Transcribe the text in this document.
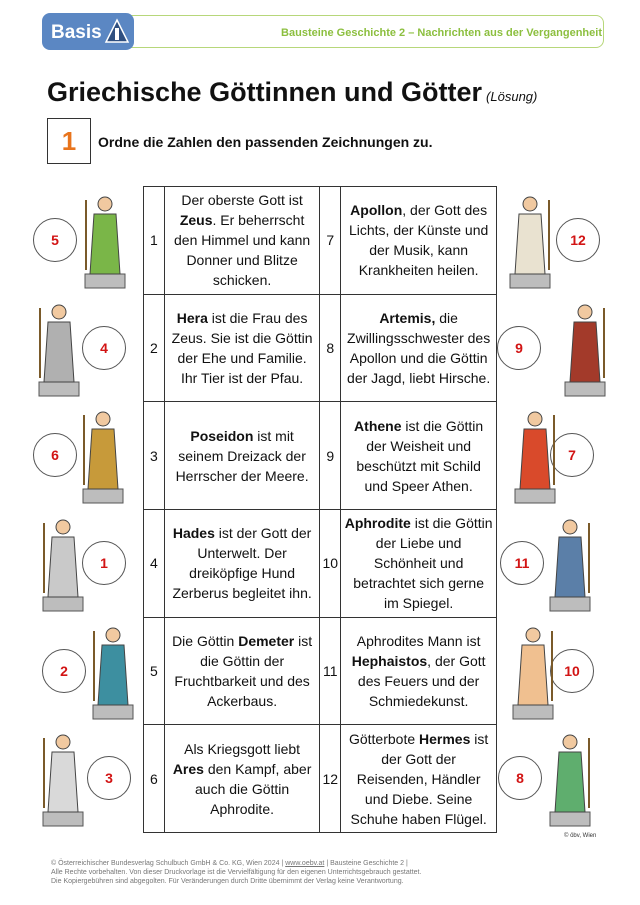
Basis	Bausteine Geschichte 2 – Nachrichten aus der Vergangenheit
Griechische Göttinnen und Götter (Lösung)
1 Ordne die Zahlen den passenden Zeichnungen zu.
1	Der oberste Gott ist Zeus. Er beherrscht den Himmel und kann Donner und Blitze schicken.	7	Apollon, der Gott des Lichts, der Künste und der Musik, kann Krankheiten heilen.
2	Hera ist die Frau des Zeus. Sie ist die Göttin der Ehe und Familie. Ihr Tier ist der Pfau.	8	Artemis, die Zwillingsschwester des Apollon und die Göttin der Jagd, liebt Hirsche.
3	Poseidon ist mit seinem Dreizack der Herrscher der Meere.	9	Athene ist die Göttin der Weisheit und beschützt mit Schild und Speer Athen.
4	Hades ist der Gott der Unterwelt. Der dreiköpfige Hund Zerberus begleitet ihn.	10	Aphrodite ist die Göttin der Liebe und Schönheit und betrachtet sich gerne im Spiegel.
5	Die Göttin Demeter ist die Göttin der Fruchtbarkeit und des Ackerbaus.	11	Aphrodites Mann ist Hephaistos, der Gott des Feuers und der Schmiedekunst.
6	Als Kriegsgott liebt Ares den Kampf, aber auch die Göttin Aphrodite.	12	Götterbote Hermes ist der Gott der Reisenden, Händler und Diebe. Seine Schuhe haben Flügel.
5
4
6
1
2
3
12
9
7
11
10
8
© öbv, Wien
© Österreichischer Bundesverlag Schulbuch GmbH & Co. KG, Wien 2024 | www.oebv.at | Bausteine Geschichte 2 |
Alle Rechte vorbehalten. Von dieser Druckvorlage ist die Vervielfältigung für den eigenen Unterrichtsgebrauch gestattet.
Die Kopiergebühren sind abgegolten. Für Veränderungen durch Dritte übernimmt der Verlag keine Verantwortung.
